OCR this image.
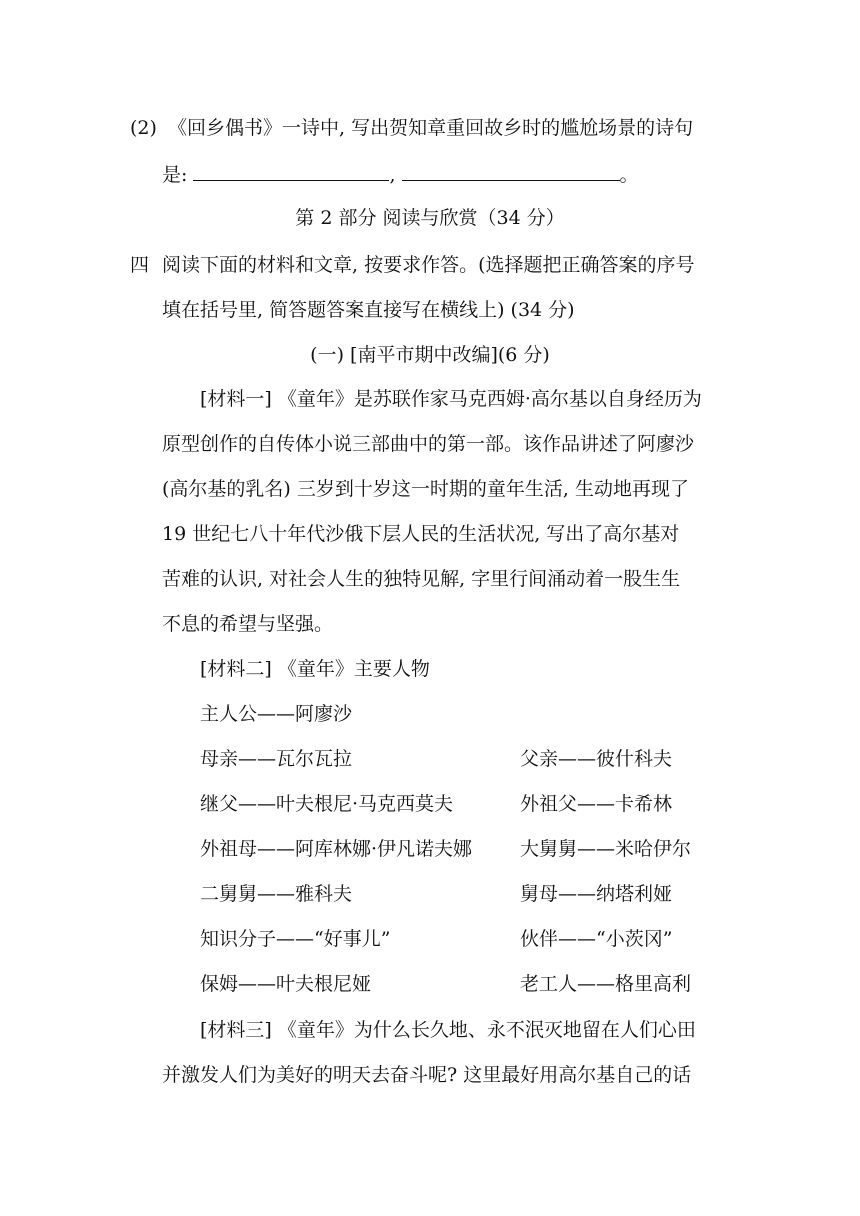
(2) 《回乡偶书》一诗中, 写出贺知章重回故乡时的尴尬场景的诗句
是:	,	。
第 2 部分 阅读与欣赏（34 分）
四 阅读下面的材料和文章, 按要求作答。(选择题把正确答案的序号
填在括号里, 简答题答案直接写在横线上) (34 分)
(一) [南平市期中改编](6 分)
[材料一] 《童年》是苏联作家马克西姆·高尔基以自身经历为
原型创作的自传体小说三部曲中的第一部。该作品讲述了阿廖沙
(高尔基的乳名) 三岁到十岁这一时期的童年生活, 生动地再现了
19 世纪七八十年代沙俄下层人民的生活状况, 写出了高尔基对
苦难的认识, 对社会人生的独特见解, 字里行间涌动着一股生生
不息的希望与坚强。
[材料二] 《童年》主要人物
主人公——阿廖沙
母亲——瓦尔瓦拉	父亲——彼什科夫
继父——叶夫根尼·马克西莫夫	外祖父——卡希林
外祖母——阿库林娜·伊凡诺夫娜	大舅舅——米哈伊尔
二舅舅——雅科夫	舅母——纳塔利娅
知识分子——“好事儿”	伙伴——“小茨冈”
保姆——叶夫根尼娅	老工人——格里高利
[材料三] 《童年》为什么长久地、永不泯灭地留在人们心田
并激发人们为美好的明天去奋斗呢? 这里最好用高尔基自己的话
